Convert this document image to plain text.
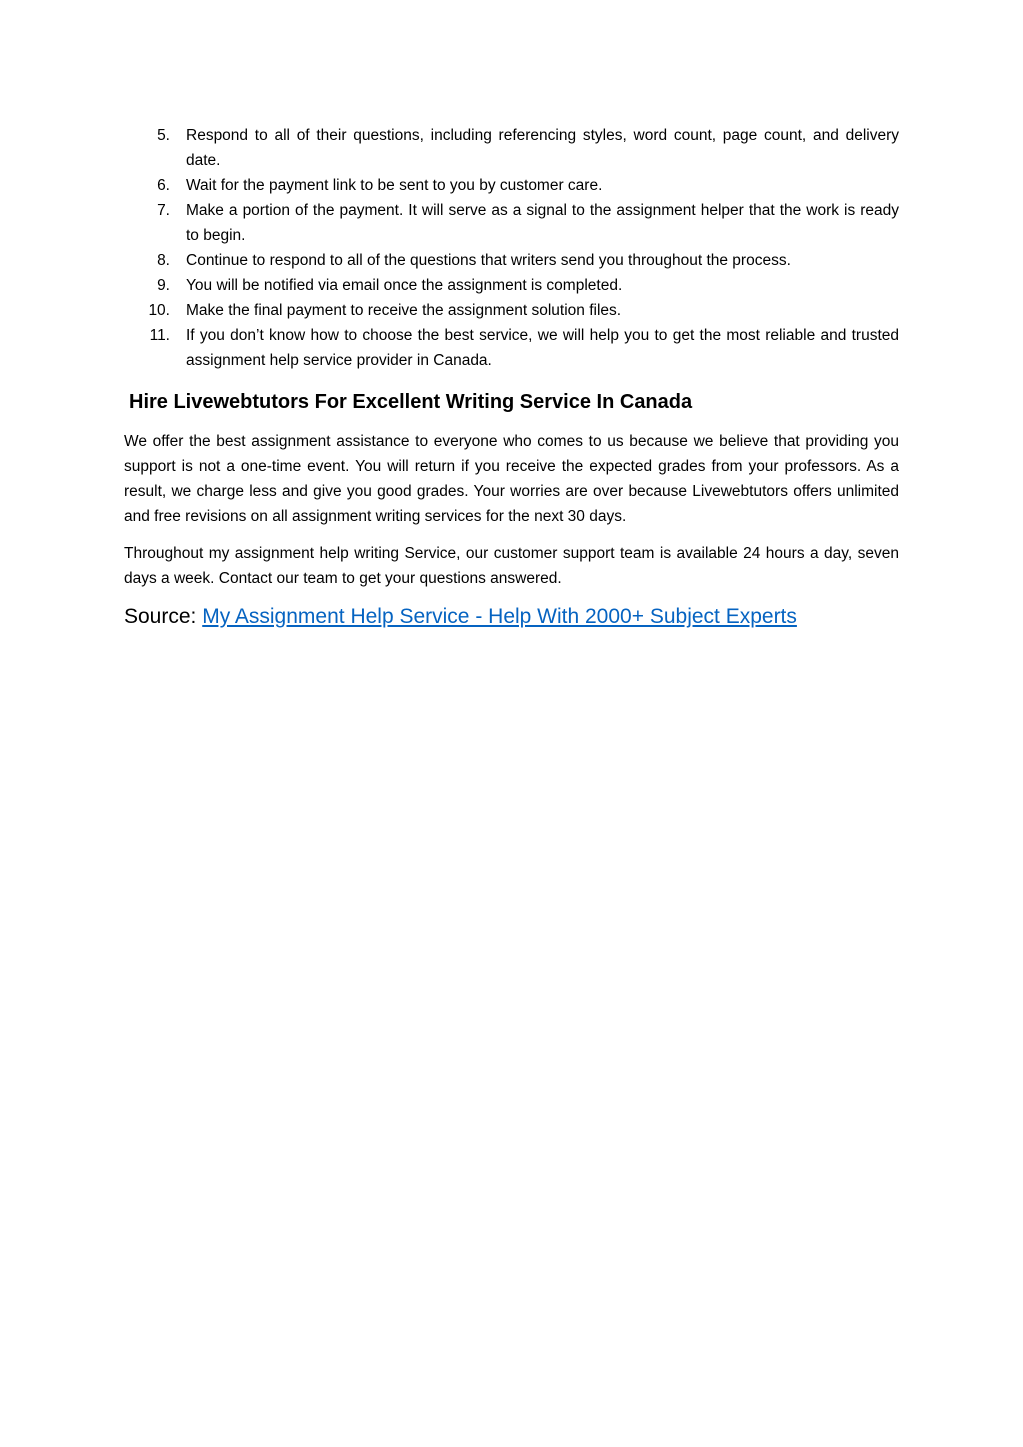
5. Respond to all of their questions, including referencing styles, word count, page count, and delivery date.
6. Wait for the payment link to be sent to you by customer care.
7. Make a portion of the payment. It will serve as a signal to the assignment helper that the work is ready to begin.
8. Continue to respond to all of the questions that writers send you throughout the process.
9. You will be notified via email once the assignment is completed.
10. Make the final payment to receive the assignment solution files.
11. If you don’t know how to choose the best service, we will help you to get the most reliable and trusted assignment help service provider in Canada.
Hire Livewebtutors For Excellent Writing Service In Canada

We offer the best assignment assistance to everyone who comes to us because we believe that providing you support is not a one-time event. You will return if you receive the expected grades from your professors. As a result, we charge less and give you good grades. Your worries are over because Livewebtutors offers unlimited and free revisions on all assignment writing services for the next 30 days.

Throughout my assignment help writing Service, our customer support team is available 24 hours a day, seven days a week. Contact our team to get your questions answered.

Source: My Assignment Help Service - Help With 2000+ Subject Experts
